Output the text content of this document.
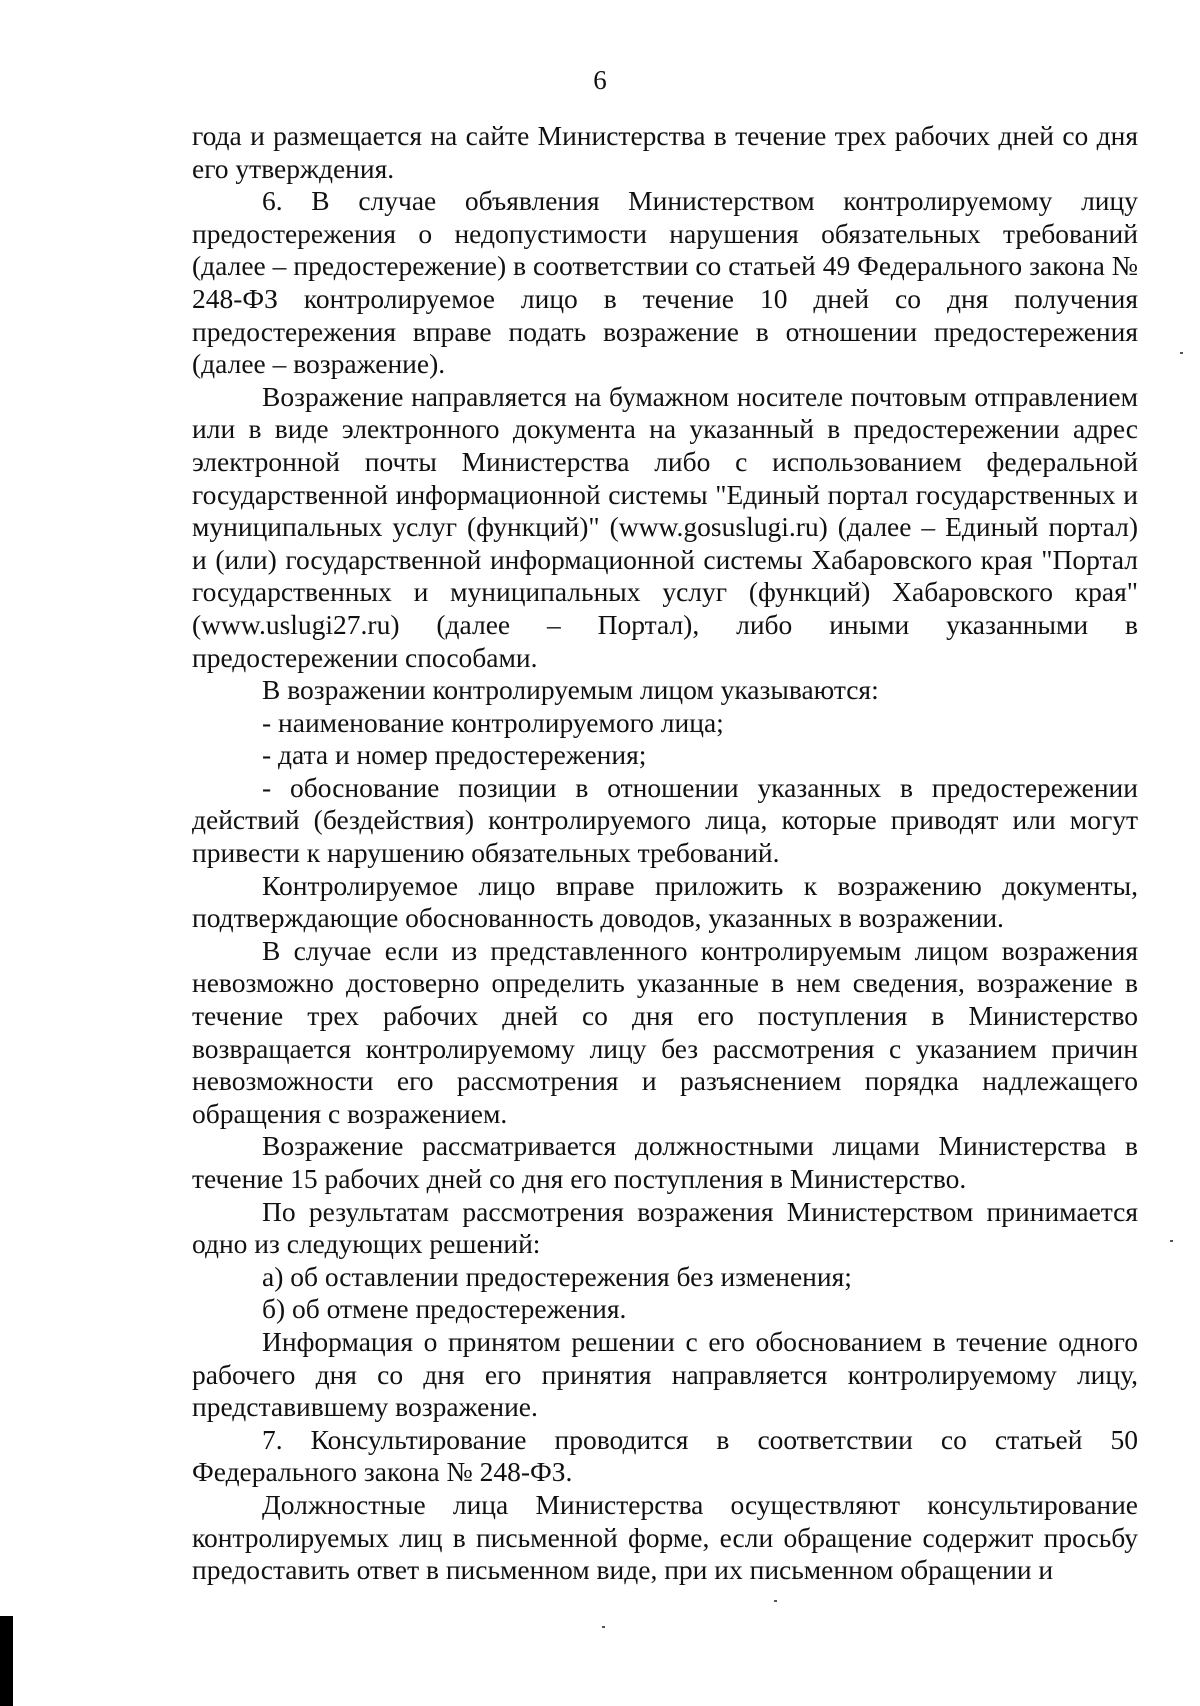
6

года и размещается на сайте Министерства в течение трех рабочих дней со дня его утверждения.

6. В случае объявления Министерством контролируемому лицу предостережения о недопустимости нарушения обязательных требований (далее – предостережение) в соответствии со статьей 49 Федерального закона № 248-ФЗ контролируемое лицо в течение 10 дней со дня получения предостережения вправе подать возражение в отношении предостережения (далее – возражение).

Возражение направляется на бумажном носителе почтовым отправлением или в виде электронного документа на указанный в предостережении адрес электронной почты Министерства либо с использованием федеральной государственной информационной системы "Единый портал государственных и муниципальных услуг (функций)" (www.gosuslugi.ru) (далее – Единый портал) и (или) государственной информационной системы Хабаровского края "Портал государственных и муниципальных услуг (функций) Хабаровского края" (www.uslugi27.ru) (далее – Портал), либо иными указанными в предостережении способами.

В возражении контролируемым лицом указываются:

- наименование контролируемого лица;

- дата и номер предостережения;

- обоснование позиции в отношении указанных в предостережении действий (бездействия) контролируемого лица, которые приводят или могут привести к нарушению обязательных требований.

Контролируемое лицо вправе приложить к возражению документы, подтверждающие обоснованность доводов, указанных в возражении.

В случае если из представленного контролируемым лицом возражения невозможно достоверно определить указанные в нем сведения, возражение в течение трех рабочих дней со дня его поступления в Министерство возвращается контролируемому лицу без рассмотрения с указанием причин невозможности его рассмотрения и разъяснением порядка надлежащего обращения с возражением.

Возражение рассматривается должностными лицами Министерства в течение 15 рабочих дней со дня его поступления в Министерство.

По результатам рассмотрения возражения Министерством принимается одно из следующих решений:

а) об оставлении предостережения без изменения;

б) об отмене предостережения.

Информация о принятом решении с его обоснованием в течение одного рабочего дня со дня его принятия направляется контролируемому лицу, представившему возражение.

7. Консультирование проводится в соответствии со статьей 50 Федерального закона № 248-ФЗ.

Должностные лица Министерства осуществляют консультирование контролируемых лиц в письменной форме, если обращение содержит просьбу предоставить ответ в письменном виде, при их письменном обращении и
